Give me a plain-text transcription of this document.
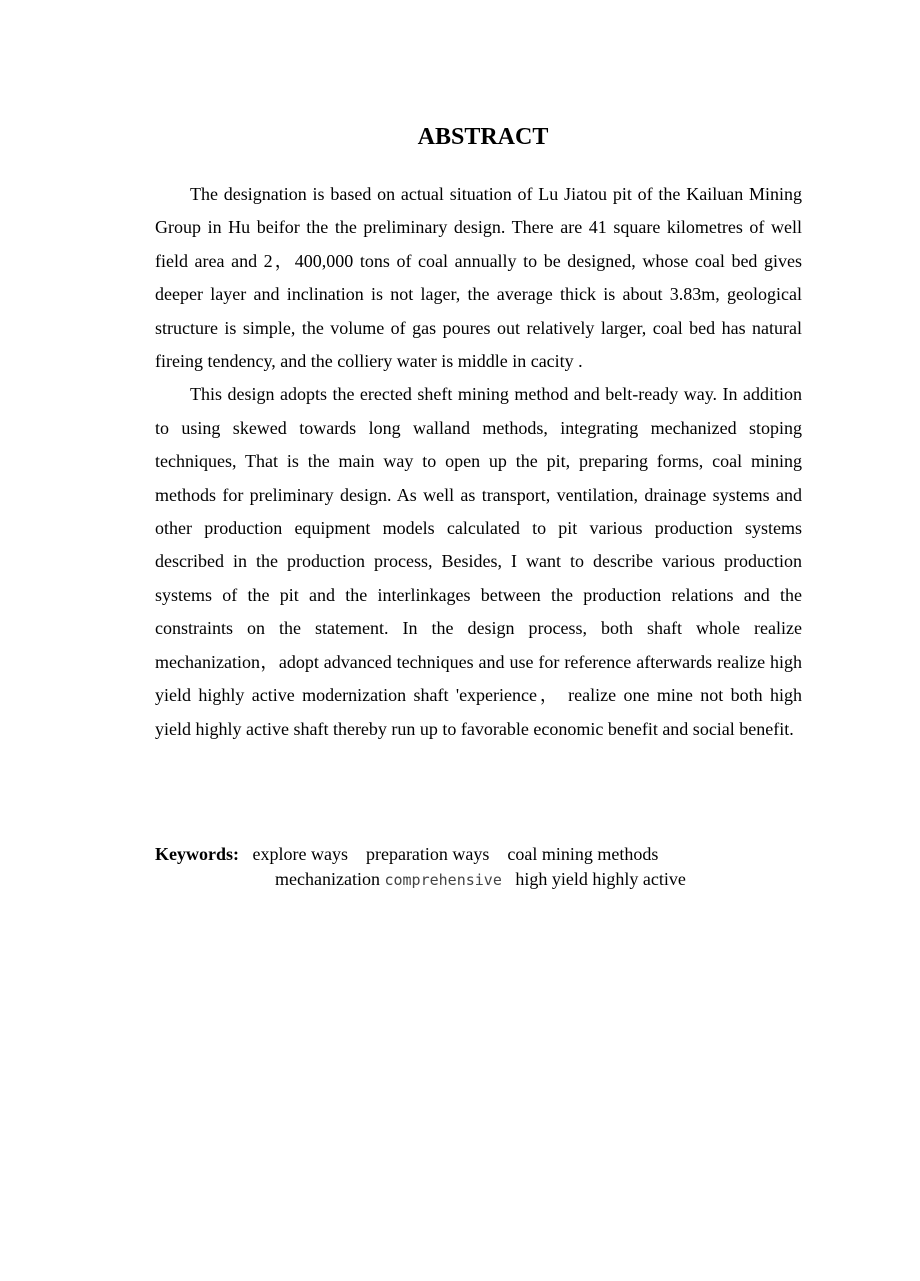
ABSTRACT

The designation is based on actual situation of Lu Jiatou pit of the Kailuan Mining Group in Hu beifor the the preliminary design. There are 41 square kilometres of well field area and 2，400,000 tons of coal annually to be designed, whose coal bed gives deeper layer and inclination is not lager, the average thick is about 3.83m, geological structure is simple, the volume of gas poures out relatively larger, coal bed has natural fireing tendency, and the colliery water is middle in cacity .

This design adopts the erected sheft mining method and belt-ready way. In addition to using skewed towards long walland methods, integrating mechanized stoping techniques, That is the main way to open up the pit, preparing forms, coal mining methods for preliminary design. As well as transport, ventilation, drainage systems and other production equipment models calculated to pit various production systems described in the production process, Besides, I want to describe various production systems of the pit and the interlinkages between the production relations and the constraints on the statement. In the design process, both shaft whole realize mechanization，adopt advanced techniques and use for reference afterwards realize high yield highly active modernization shaft 'experience， realize one mine not both high yield highly active shaft thereby run up to favorable economic benefit and social benefit.

Keywords:   explore ways    preparation ways    coal mining methods
mechanization comprehensive   high yield highly active
